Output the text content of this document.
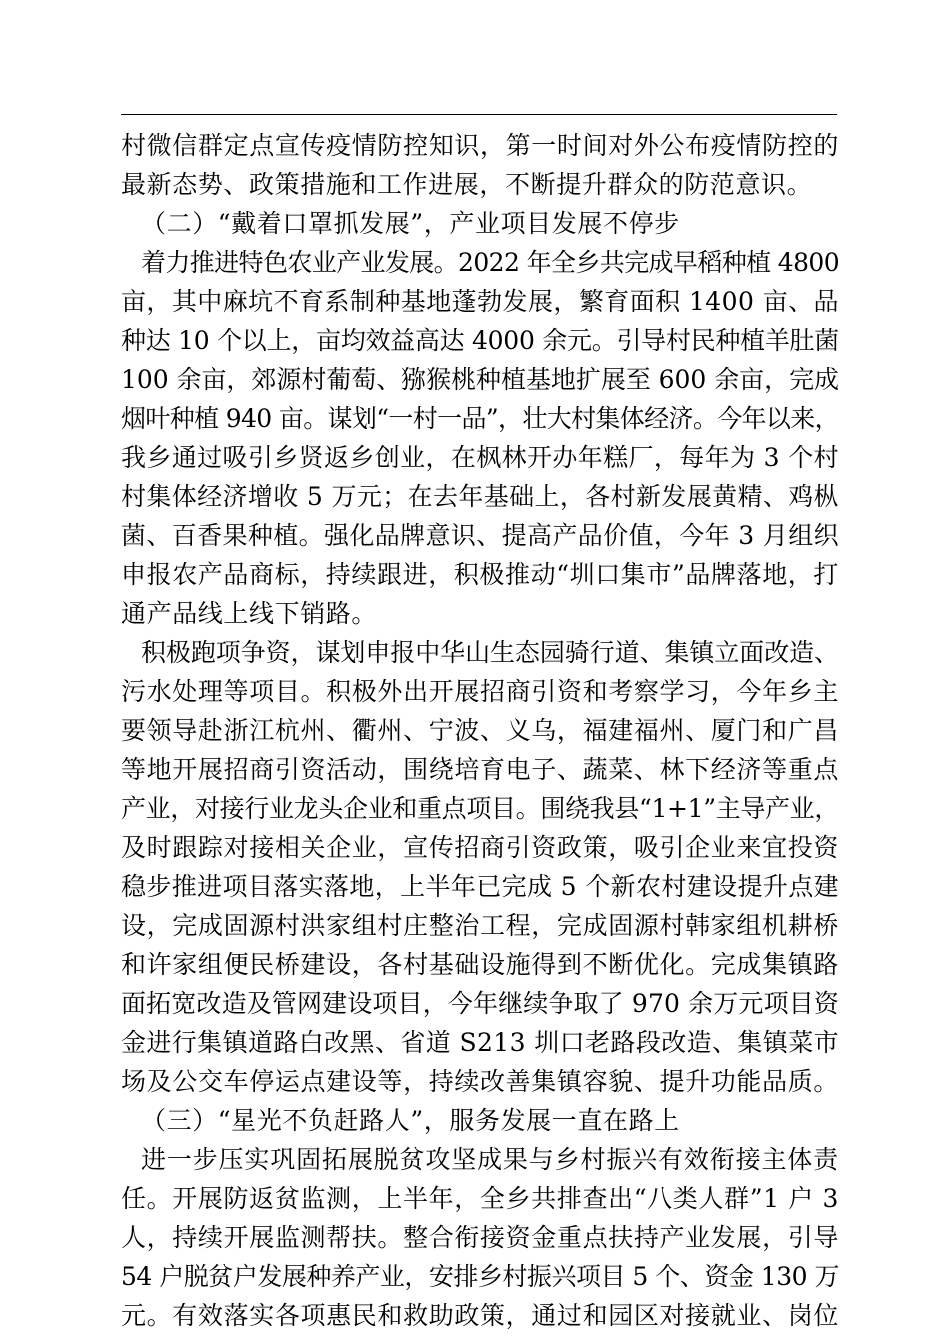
村微信群定点宣传疫情防控知识，第一时间对外公布疫情防控的
最新态势、政策措施和工作进展，不断提升群众的防范意识。
（二）“戴着口罩抓发展”，产业项目发展不停步
着力推进特色农业产业发展。2022 年全乡共完成早稻种植 4800
亩，其中麻坑不育系制种基地蓬勃发展，繁育面积 1400 亩、品
种达 10 个以上，亩均效益高达 4000 余元。引导村民种植羊肚菌
100 余亩，郊源村葡萄、猕猴桃种植基地扩展至 600 余亩，完成
烟叶种植 940 亩。谋划“一村一品”，壮大村集体经济。今年以来，
我乡通过吸引乡贤返乡创业，在枫林开办年糕厂，每年为 3 个村
村集体经济增收 5 万元；在去年基础上，各村新发展黄精、鸡枞
菌、百香果种植。强化品牌意识、提高产品价值，今年 3 月组织
申报农产品商标，持续跟进，积极推动“圳口集市”品牌落地，打
通产品线上线下销路。
积极跑项争资，谋划申报中华山生态园骑行道、集镇立面改造、
污水处理等项目。积极外出开展招商引资和考察学习，今年乡主
要领导赴浙江杭州、衢州、宁波、义乌，福建福州、厦门和广昌
等地开展招商引资活动，围绕培育电子、蔬菜、林下经济等重点
产业，对接行业龙头企业和重点项目。围绕我县“1+1”主导产业，
及时跟踪对接相关企业，宣传招商引资政策，吸引企业来宜投资
稳步推进项目落实落地，上半年已完成 5 个新农村建设提升点建
设，完成固源村洪家组村庄整治工程，完成固源村韩家组机耕桥
和许家组便民桥建设，各村基础设施得到不断优化。完成集镇路
面拓宽改造及管网建设项目，今年继续争取了 970 余万元项目资
金进行集镇道路白改黑、省道 S213 圳口老路段改造、集镇菜市
场及公交车停运点建设等，持续改善集镇容貌、提升功能品质。
（三）“星光不负赶路人”，服务发展一直在路上
进一步压实巩固拓展脱贫攻坚成果与乡村振兴有效衔接主体责
任。开展防返贫监测，上半年，全乡共排查出“八类人群”1 户 3
人，持续开展监测帮扶。整合衔接资金重点扶持产业发展，引导
54 户脱贫户发展种养产业，安排乡村振兴项目 5 个、资金 130 万
元。有效落实各项惠民和救助政策，通过和园区对接就业、岗位
